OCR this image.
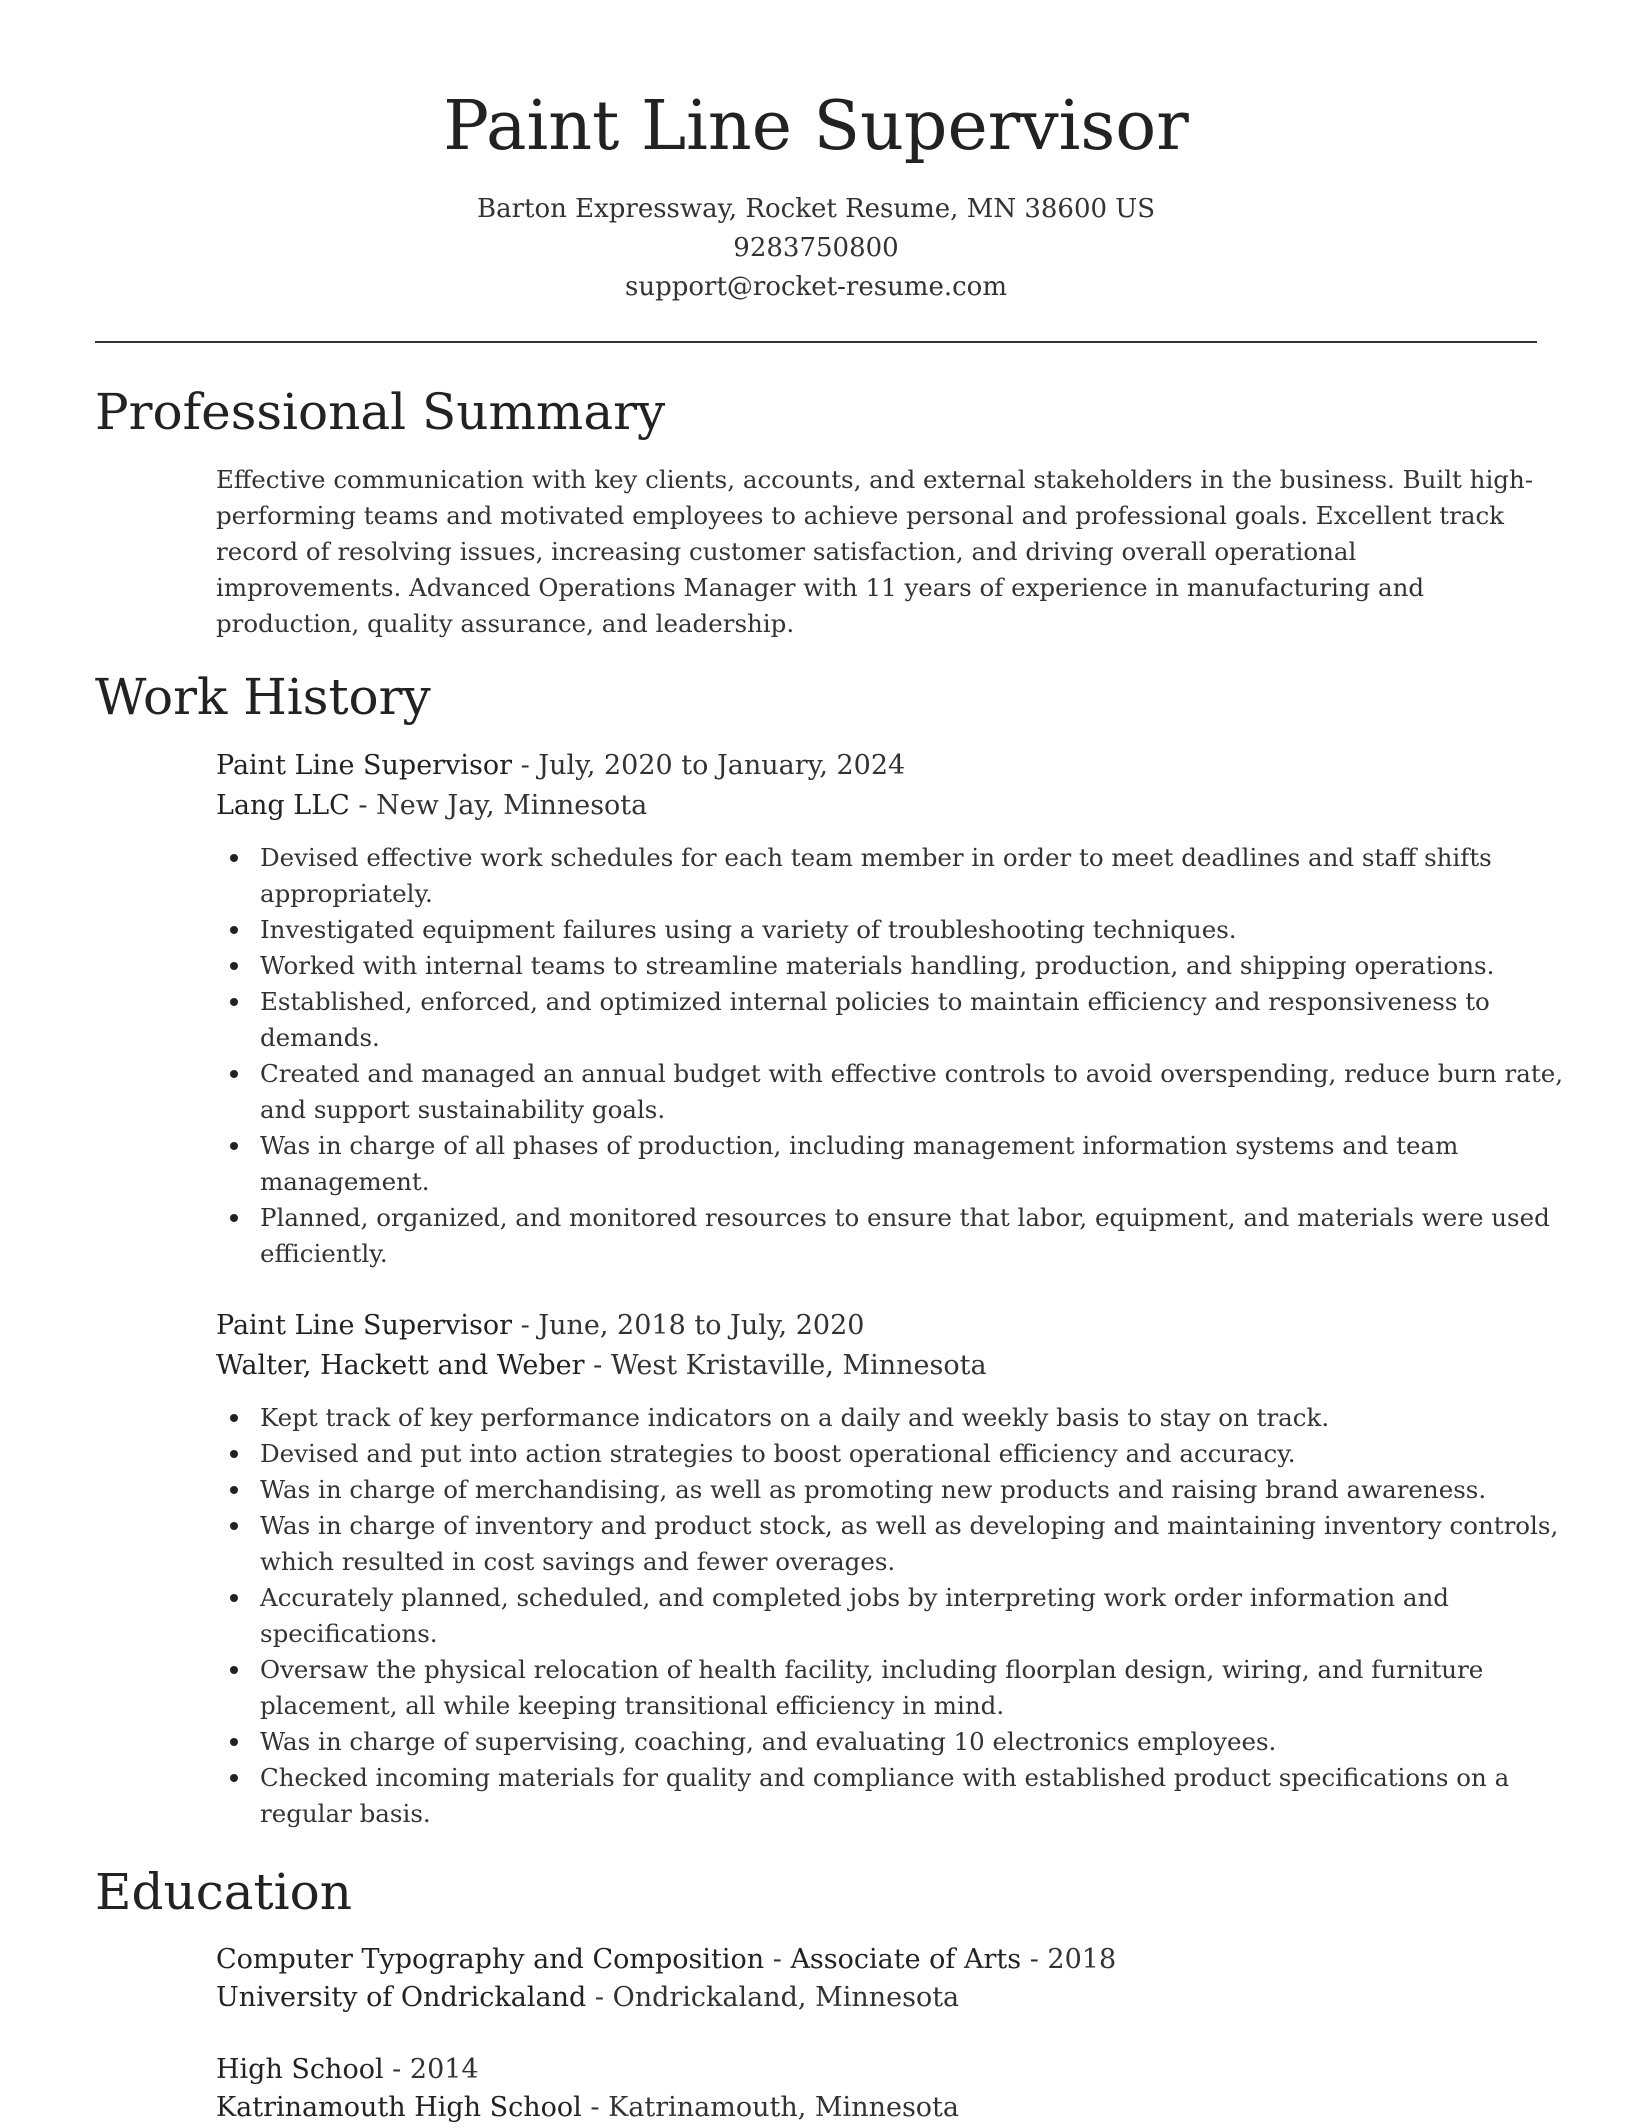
Paint Line Supervisor
Barton Expressway, Rocket Resume, MN 38600 US
9283750800
support@rocket-resume.com
Professional Summary

Effective communication with key clients, accounts, and external stakeholders in the business. Built high-performing teams and motivated employees to achieve personal and professional goals. Excellent track record of resolving issues, increasing customer satisfaction, and driving overall operational improvements. Advanced Operations Manager with 11 years of experience in manufacturing and production, quality assurance, and leadership.

Work History
Paint Line Supervisor - July, 2020 to January, 2024
Lang LLC - New Jay, Minnesota
Devised effective work schedules for each team member in order to meet deadlines and staff shifts appropriately.
Investigated equipment failures using a variety of troubleshooting techniques.
Worked with internal teams to streamline materials handling, production, and shipping operations.
Established, enforced, and optimized internal policies to maintain efficiency and responsiveness to demands.
Created and managed an annual budget with effective controls to avoid overspending, reduce burn rate, and support sustainability goals.
Was in charge of all phases of production, including management information systems and team management.
Planned, organized, and monitored resources to ensure that labor, equipment, and materials were used efficiently.
Paint Line Supervisor - June, 2018 to July, 2020
Walter, Hackett and Weber - West Kristaville, Minnesota
Kept track of key performance indicators on a daily and weekly basis to stay on track.
Devised and put into action strategies to boost operational efficiency and accuracy.
Was in charge of merchandising, as well as promoting new products and raising brand awareness.
Was in charge of inventory and product stock, as well as developing and maintaining inventory controls, which resulted in cost savings and fewer overages.
Accurately planned, scheduled, and completed jobs by interpreting work order information and specifications.
Oversaw the physical relocation of health facility, including floorplan design, wiring, and furniture placement, all while keeping transitional efficiency in mind.
Was in charge of supervising, coaching, and evaluating 10 electronics employees.
Checked incoming materials for quality and compliance with established product specifications on a regular basis.
Education
Computer Typography and Composition - Associate of Arts - 2018
University of Ondrickaland - Ondrickaland, Minnesota
High School - 2014
Katrinamouth High School - Katrinamouth, Minnesota
